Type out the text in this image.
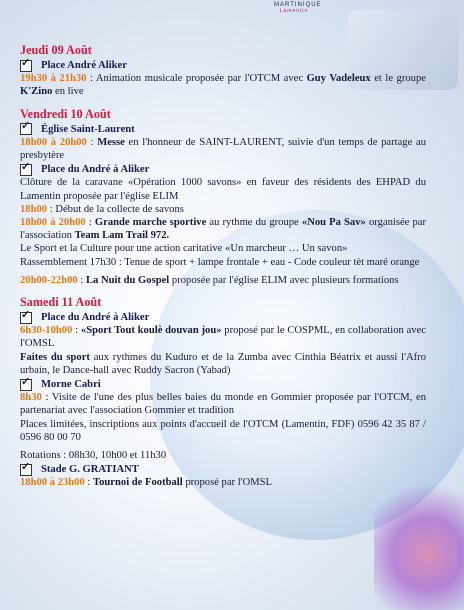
MARTINIQUE
Lamentin
Jeudi 09 Août
✓
Place André Aliker

19h30 à 21h30 : Animation musicale proposée par l'OTCM avec Guy Vadeleux et le groupe K'Zino en live

Vendredi 10 Août
✓
Église Saint-Laurent

18h00 à 20h00 : Messe en l'honneur de SAINT-LAURENT, suivie d'un temps de partage au presbytère

✓
Place du André à Aliker

Clôture de la caravane «Opération 1000 savons» en faveur des résidents des EHPAD du Lamentin proposée par l'église ELIM

18h00 : Début de la collecte de savons

18h00 à 20h00 : Grande marche sportive au rythme du groupe «Nou Pa Sav» organisée par l'association Team Lam Trail 972.

Le Sport et la Culture pour une action caritative «Un marcheur … Un savon»

Rassemblement 17h30 : Tenue de sport + lampe frontale + eau - Code couleur tèt maré orange

20h00-22h00 : La Nuit du Gospel proposée par l'église ELIM avec plusieurs formations

Samedi 11 Août
✓
Place du André à Aliker

6h30-10h00 : «Sport Tout koulè douvan jou» proposé par le COSPML, en collaboration avec l'OMSL

Faites du sport aux rythmes du Kuduro et de la Zumba avec Cinthia Béatrix et aussi l'Afro urbain, le Dance-hall avec Ruddy Sacron (Yabad)

✓
Morne Cabri

8h30 : Visite de l'une des plus belles baies du monde en Gommier proposée par l'OTCM, en partenariat avec l'association Gommier et tradition

Places limitées, inscriptions aux points d'accueil de l'OTCM (Lamentin, FDF) 0596 42 35 87 / 0596 80 00 70

Rotations : 08h30, 10h00 et 11h30

✓
Stade G. GRATIANT

18h00 à 23h00 : Tournoi de Football proposé par l'OMSL
